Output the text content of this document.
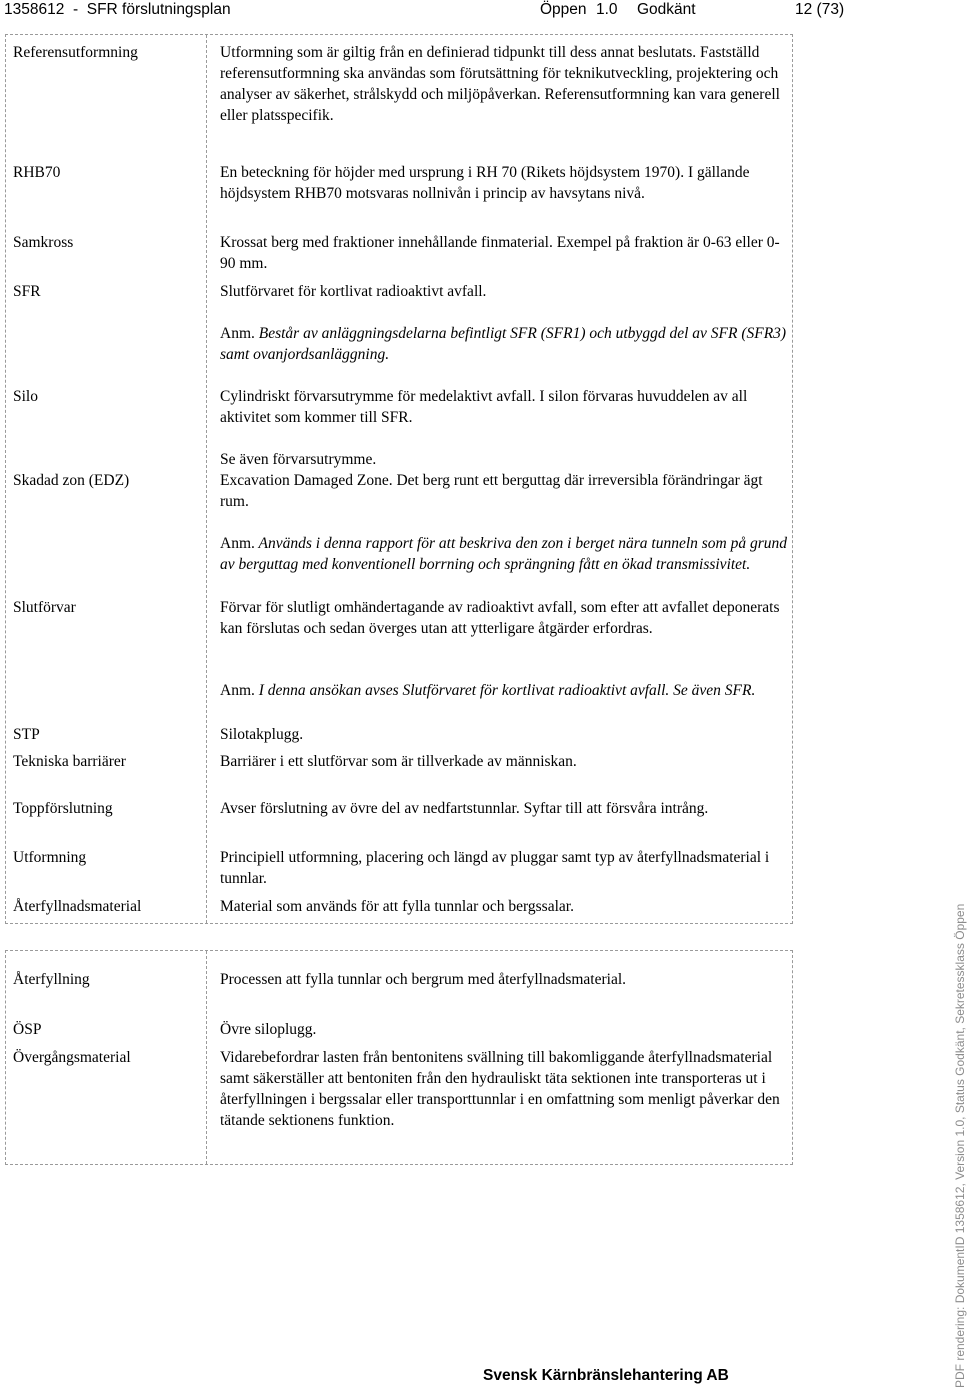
1358612  -  SFR förslutningsplan	Öppen 1.0 Godkänt	12 (73)
Referensutformning	Utformning som är giltig från en definierad tidpunkt till dess annat beslutats. Fastställd referensutformning ska användas som förutsättning för teknikutveckling, projektering och analyser av säkerhet, strålskydd och miljöpåverkan. Referensutformning kan vara generell eller platsspecifik.
RHB70	En beteckning för höjder med ursprung i RH 70 (Rikets höjdsystem 1970). I gällande höjdsystem RHB70 motsvaras nollnivån i princip av havsytans nivå.
Samkross	Krossat berg med fraktioner innehållande finmaterial. Exempel på fraktion är 0-63 eller 0-90 mm.
SFR	Slutförvaret för kortlivat radioaktivt avfall.
Anm. Består av anläggningsdelarna befintligt SFR (SFR1) och utbyggd del av SFR (SFR3) samt ovanjordsanläggning.
Silo	Cylindriskt förvarsutrymme för medelaktivt avfall. I silon förvaras huvuddelen av all aktivitet som kommer till SFR.
Se även förvarsutrymme.
Skadad zon (EDZ)	Excavation Damaged Zone. Det berg runt ett berguttag där irreversibla förändringar ägt rum.
Anm. Används i denna rapport för att beskriva den zon i berget nära tunneln som på grund av berguttag med konventionell borrning och sprängning fått en ökad transmissivitet.
Slutförvar	Förvar för slutligt omhändertagande av radioaktivt avfall, som efter att avfallet deponerats kan förslutas och sedan överges utan att ytterligare åtgärder erfordras.
Anm. I denna ansökan avses Slutförvaret för kortlivat radioaktivt avfall. Se även SFR.
STP	Silotakplugg.
Tekniska barriärer	Barriärer i ett slutförvar som är tillverkade av människan.
Toppförslutning	Avser förslutning av övre del av nedfartstunnlar. Syftar till att försvåra intrång.
Utformning	Principiell utformning, placering och längd av pluggar samt typ av återfyllnadsmaterial i tunnlar.
Återfyllnadsmaterial	Material som används för att fylla tunnlar och bergssalar.
Återfyllning	Processen att fylla tunnlar och bergrum med återfyllnadsmaterial.
ÖSP	Övre siloplugg.
Övergångsmaterial	Vidarebefordrar lasten från bentonitens svällning till bakomliggande återfyllnadsmaterial samt säkerställer att bentoniten från den hydrauliskt täta sektionen inte transporteras ut i återfyllningen i bergssalar eller transporttunnlar i en omfattning som menligt påverkar den tätande sektionens funktion.
Svensk Kärnbränslehantering AB	PDF rendering: DokumentID 1358612, Version 1.0, Status Godkänt, Sekretessklass Öppen
